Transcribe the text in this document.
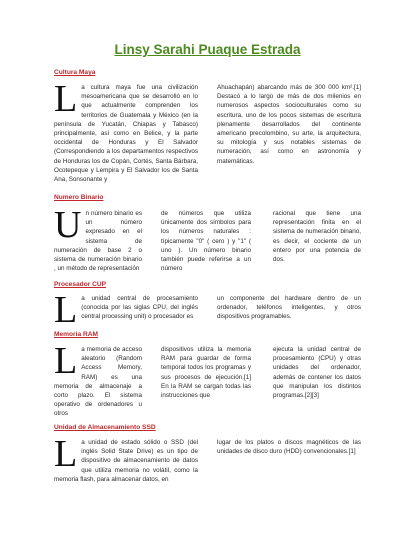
Linsy Sarahi Puaque Estrada
Cultura Maya
L a cultura maya fue una civilización mesoamericana que se desarrolló en lo que actualmente comprenden los territorios de Guatemala y México (en la península de Yucatán, Chiapas y Tabasco) principalmente, así como en Belice, y la parte occidental de Honduras y El Salvador (Correspondiendo a los departamentos respectivos de Honduras los de Copán, Cortés, Santa Bárbara, Ocotepeque y Lempira y El Salvador los de Santa Ana, Sonsonante y

Ahuachapán) abarcando más de 300 000 km².[1] Destacó a lo largo de más de dos milenios en numerosos aspectos socioculturales como su escritura, uno de los pocos sistemas de escritura plenamente desarrollados del continente americano precolombino, su arte, la arquitectura, su mitología y sus notables sistemas de numeración, así como en astronomía y matemáticas.

Numero Binario
U n número binario es un número expresado en el sistema de numeración de base 2 o sistema de numeración binario , un método de representación

de números que utiliza únicamente dos símbolos para los números naturales : típicamente "0" ( cero ) y "1" ( uno ). Un número binario también puede referirse a un número

racional que tiene una representación finita en el sistema de numeración binario, es decir, el cociente de un entero por una potencia de dos.

Procesador CUP
L a unidad central de procesamiento (conocida por las siglas CPU, del inglés central processing unit) o procesador es

un componente del hardware dentro de un ordenador, teléfonos inteligentes, y otros dispositivos programables.

Memoria RAM
L a memoria de acceso aleatorio (Random Access Memory, RAM) es una memoria de almacenaje a corto plazo. El sistema operativo de ordenadores u otros

dispositivos utiliza la memoria RAM para guardar de forma temporal todos los programas y sus procesos de ejecución.[1] En la RAM se cargan todas las instrucciones que

ejecuta la unidad central de procesamiento (CPU) y otras unidades del ordenador, además de contener los datos que manipulan los distintos programas.[2][3]

Unidad de Almacenamiento SSD
L a unidad de estado sólido o SSD (del inglés Solid State Drive) es un tipo de dispositivo de almacenamiento de datos que utiliza memoria no volátil, como la memoria flash, para almacenar datos, en

lugar de los platos o discos magnéticos de las unidades de disco duro (HDD) convencionales.[1]
